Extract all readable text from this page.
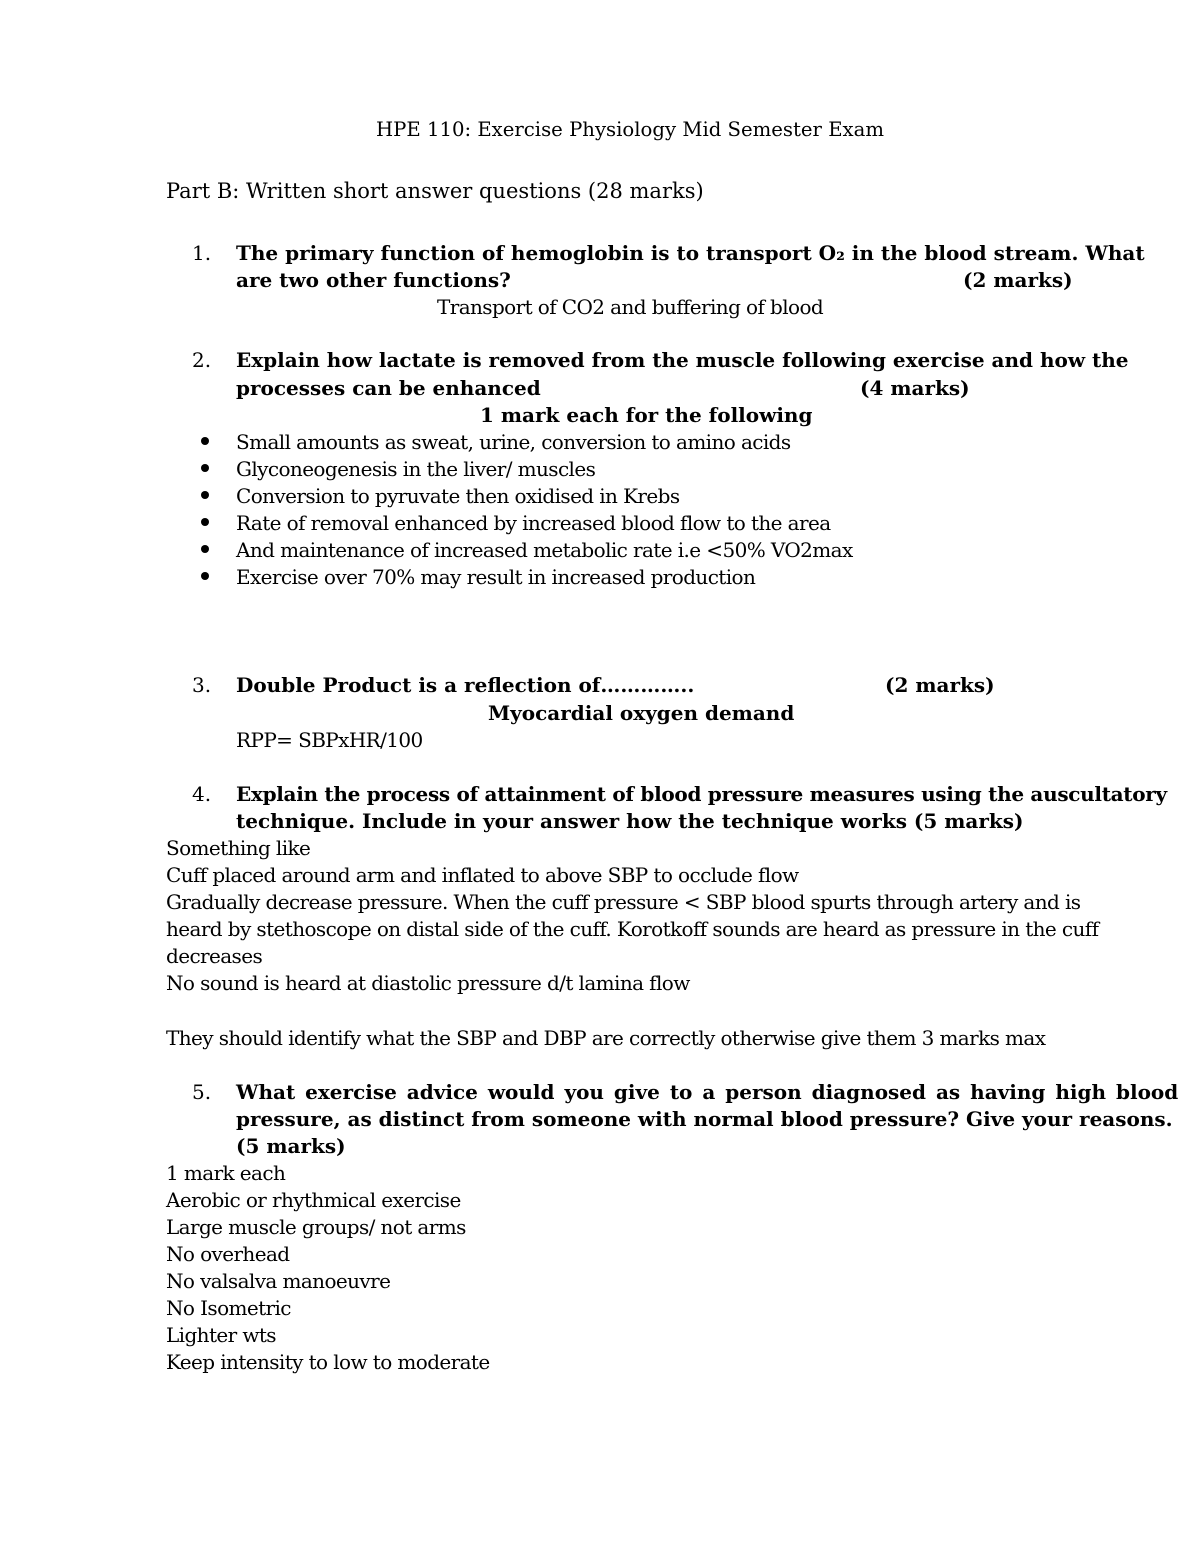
HPE 110: Exercise Physiology Mid Semester Exam
Part B: Written short answer questions (28 marks)
1. The primary function of hemoglobin is to transport O₂ in the blood stream. What
are two other functions?	(2 marks)
Transport of CO2 and buffering of blood
2. Explain how lactate is removed from the muscle following exercise and how the
processes can be enhanced	(4 marks)
1 mark each for the following
Small amounts as sweat, urine, conversion to amino acids
Glyconeogenesis in the liver/ muscles
Conversion to pyruvate then oxidised in Krebs
Rate of removal enhanced by increased blood flow to the area
And maintenance of increased metabolic rate i.e <50% VO2max
Exercise over 70% may result in increased production
3. Double Product is a reflection of…………..	(2 marks)
Myocardial oxygen demand
RPP= SBPxHR/100
4. Explain the process of attainment of blood pressure measures using the auscultatory
technique. Include in your answer how the technique works (5 marks)
Something like
Cuff placed around arm and inflated to above SBP to occlude flow
Gradually decrease pressure. When the cuff pressure < SBP blood spurts through artery and is
heard by stethoscope on distal side of the cuff. Korotkoff sounds are heard as pressure in the cuff
decreases
No sound is heard at diastolic pressure d/t lamina flow
They should identify what the SBP and DBP are correctly otherwise give them 3 marks max
5. What exercise advice would you give to a person diagnosed as having high blood
pressure, as distinct from someone with normal blood pressure? Give your reasons.
(5 marks)
1 mark each
Aerobic or rhythmical exercise
Large muscle groups/ not arms
No overhead
No valsalva manoeuvre
No Isometric
Lighter wts
Keep intensity to low to moderate
